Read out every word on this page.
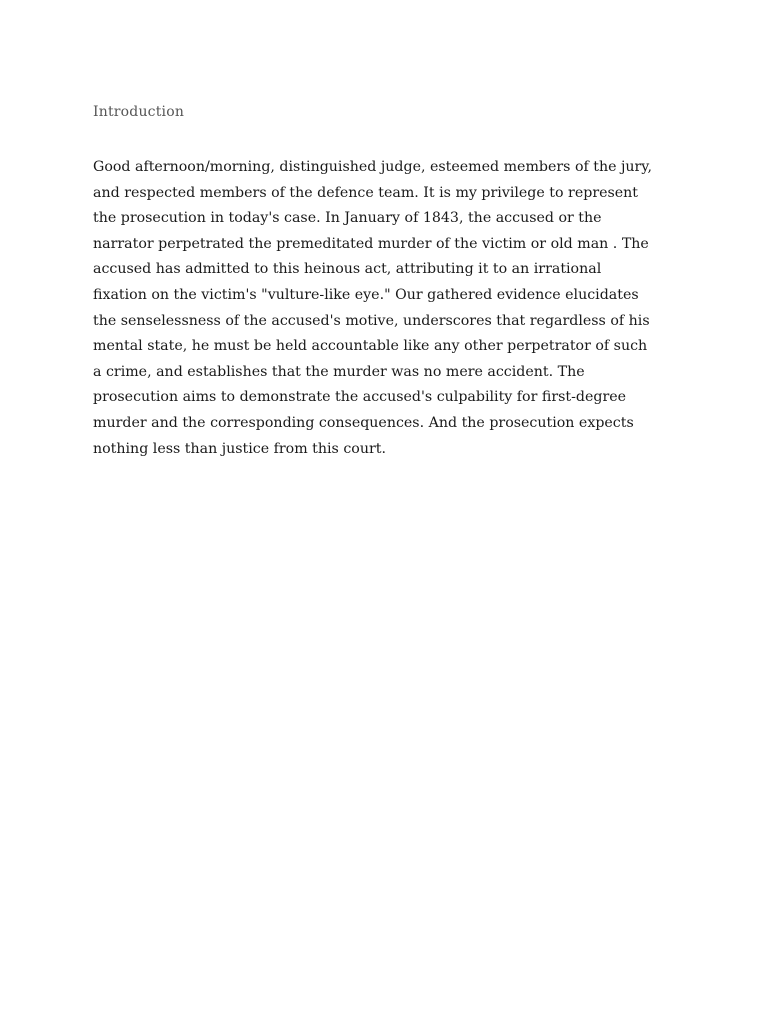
Introduction

Good afternoon/morning, distinguished judge, esteemed members of the jury,
and respected members of the defence team. It is my privilege to represent
the prosecution in today's case. In January of 1843, the accused or the
narrator perpetrated the premeditated murder of the victim or old man . The
accused has admitted to this heinous act, attributing it to an irrational
fixation on the victim's "vulture-like eye." Our gathered evidence elucidates
the senselessness of the accused's motive, underscores that regardless of his
mental state, he must be held accountable like any other perpetrator of such
a crime, and establishes that the murder was no mere accident. The
prosecution aims to demonstrate the accused's culpability for first-degree
murder and the corresponding consequences. And the prosecution expects
nothing less than justice from this court.
